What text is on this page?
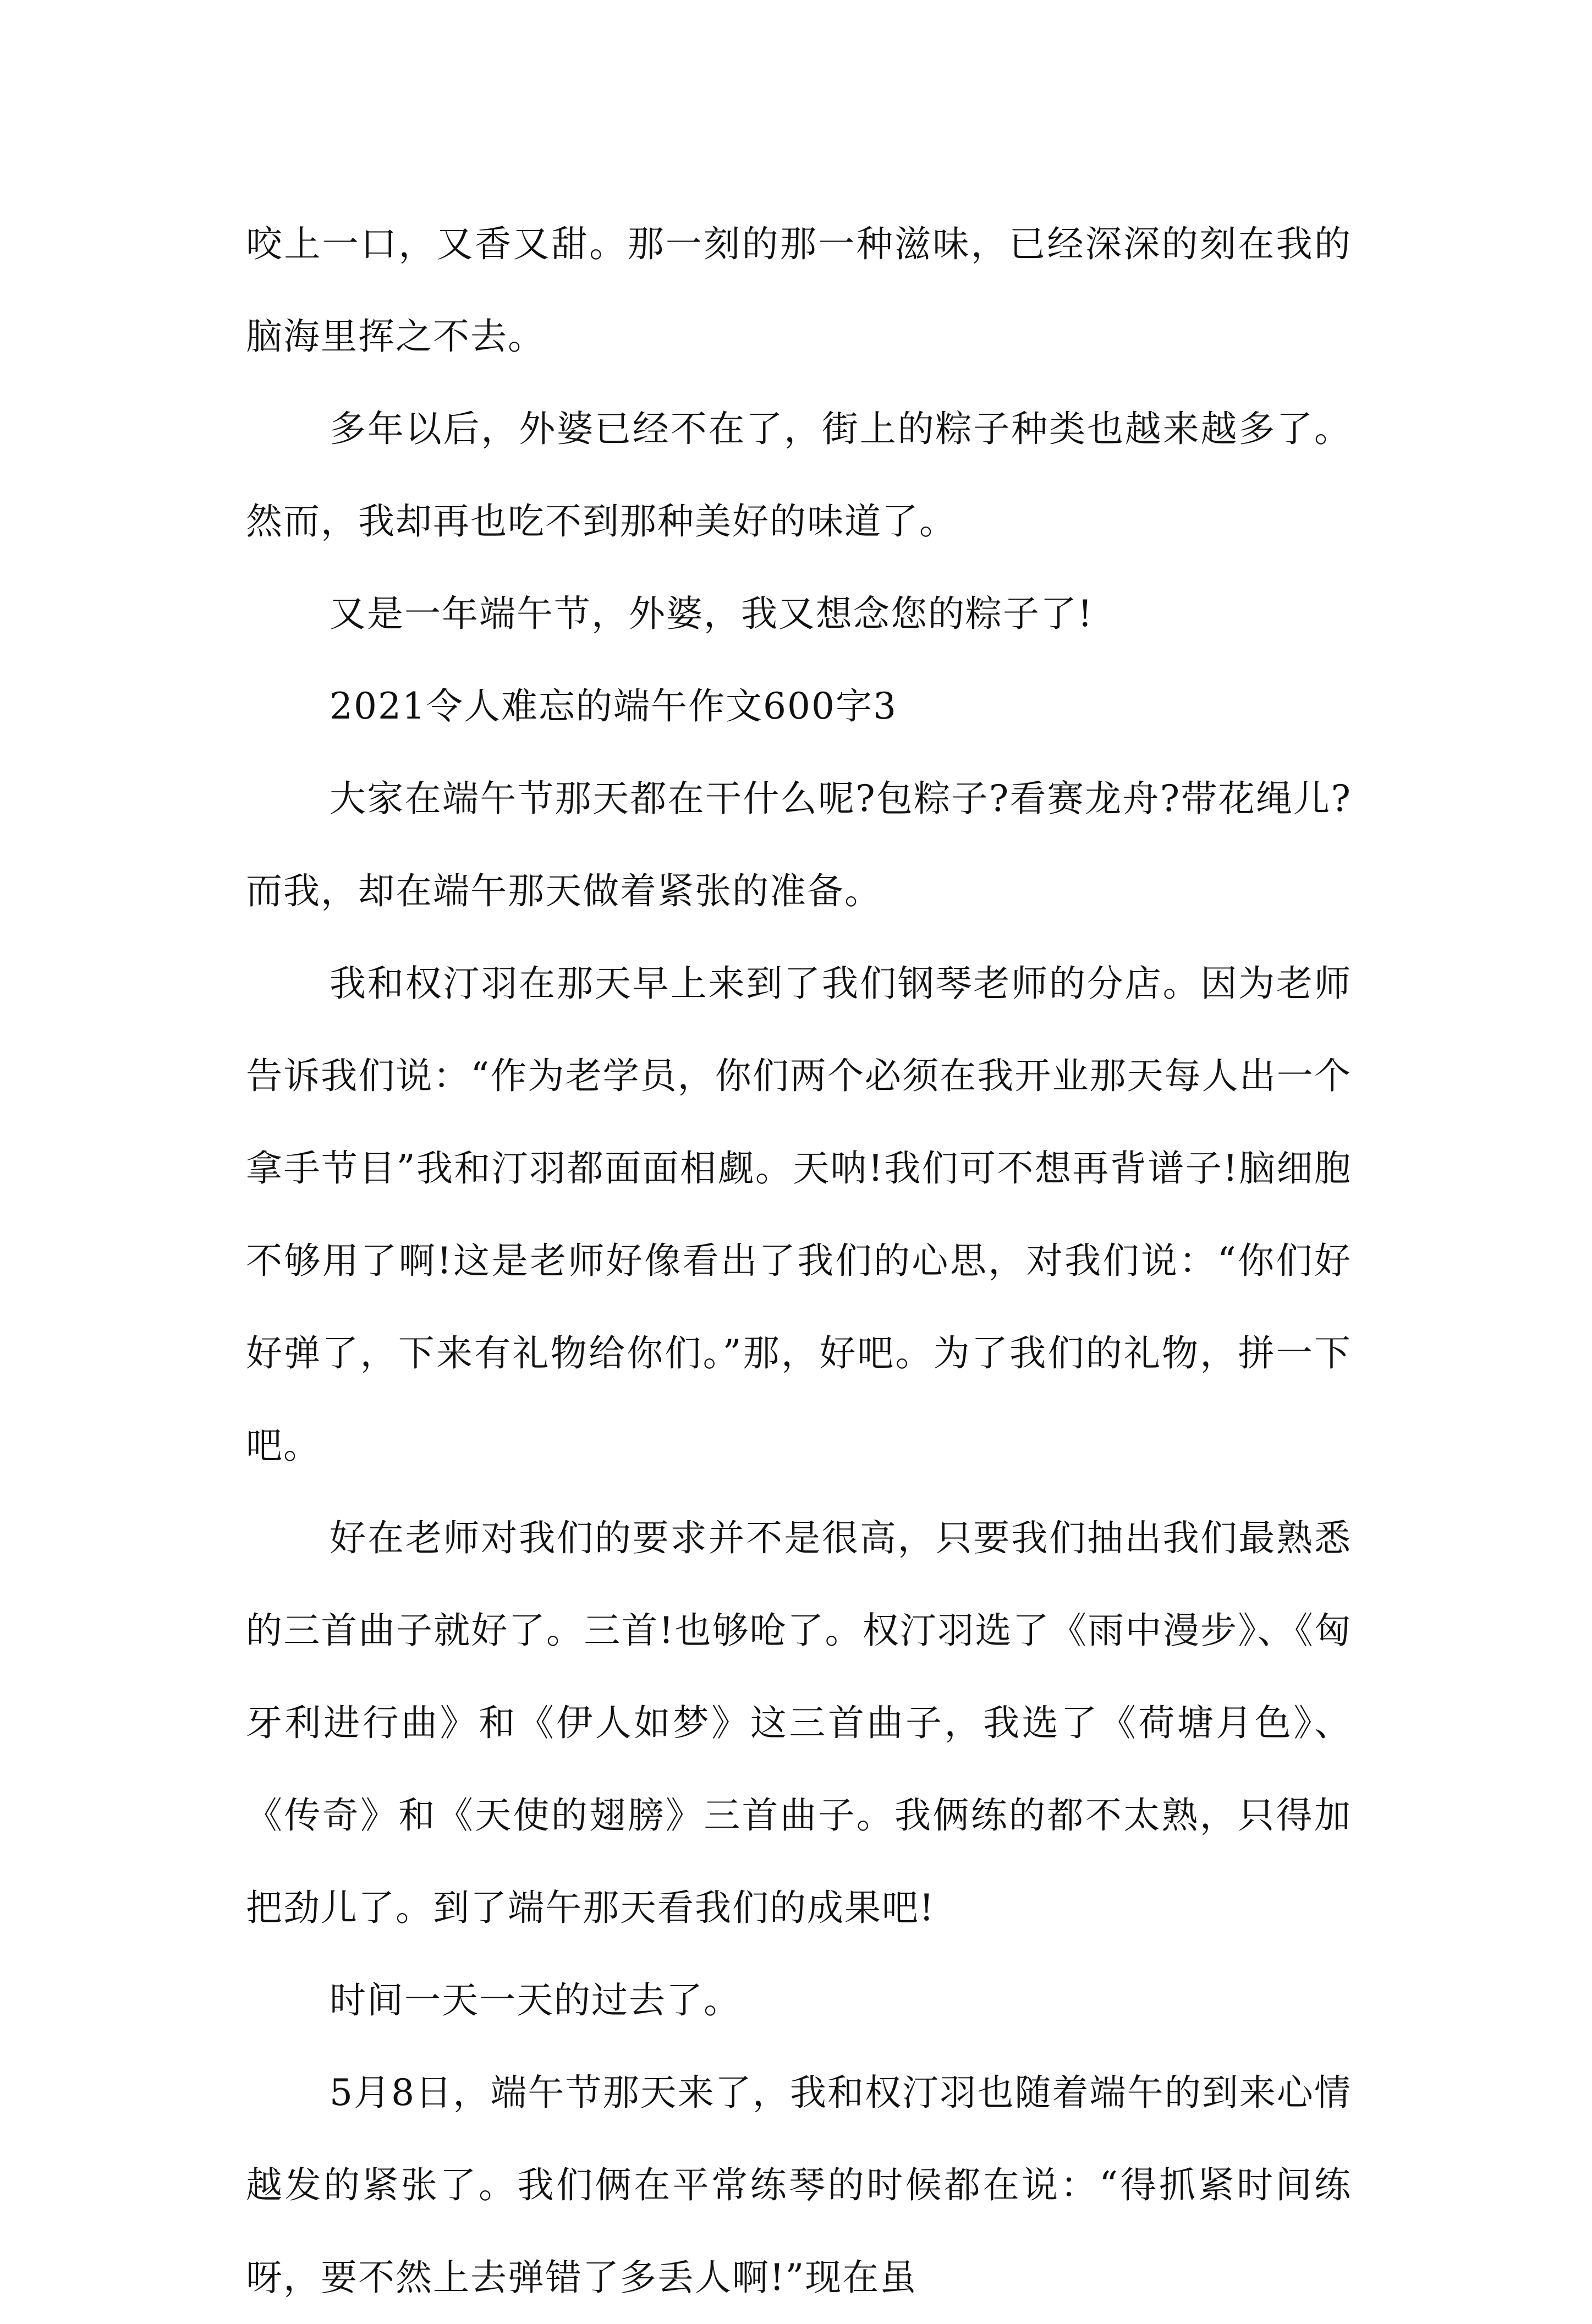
咬上一口，又香又甜。那一刻的那一种滋味，已经深深的刻在我的脑海里挥之不去。

多年以后，外婆已经不在了，街上的粽子种类也越来越多了。然而，我却再也吃不到那种美好的味道了。

又是一年端午节，外婆，我又想念您的粽子了!

2021令人难忘的端午作文600字3

大家在端午节那天都在干什么呢?包粽子?看赛龙舟?带花绳儿?而我，却在端午那天做着紧张的准备。

我和权汀羽在那天早上来到了我们钢琴老师的分店。因为老师告诉我们说：“作为老学员，你们两个必须在我开业那天每人出一个拿手节目”我和汀羽都面面相觑。天呐!我们可不想再背谱子!脑细胞不够用了啊!这是老师好像看出了我们的心思，对我们说：“你们好好弹了，下来有礼物给你们。”那，好吧。为了我们的礼物，拼一下吧。

好在老师对我们的要求并不是很高，只要我们抽出我们最熟悉的三首曲子就好了。三首!也够呛了。权汀羽选了《雨中漫步》、《匈牙利进行曲》和《伊人如梦》这三首曲子，我选了《荷塘月色》、《传奇》和《天使的翅膀》三首曲子。我俩练的都不太熟，只得加把劲儿了。到了端午那天看我们的成果吧!

时间一天一天的过去了。

5月8日，端午节那天来了，我和权汀羽也随着端午的到来心情越发的紧张了。我们俩在平常练琴的时候都在说：“得抓紧时间练呀，要不然上去弹错了多丢人啊!”现在虽
